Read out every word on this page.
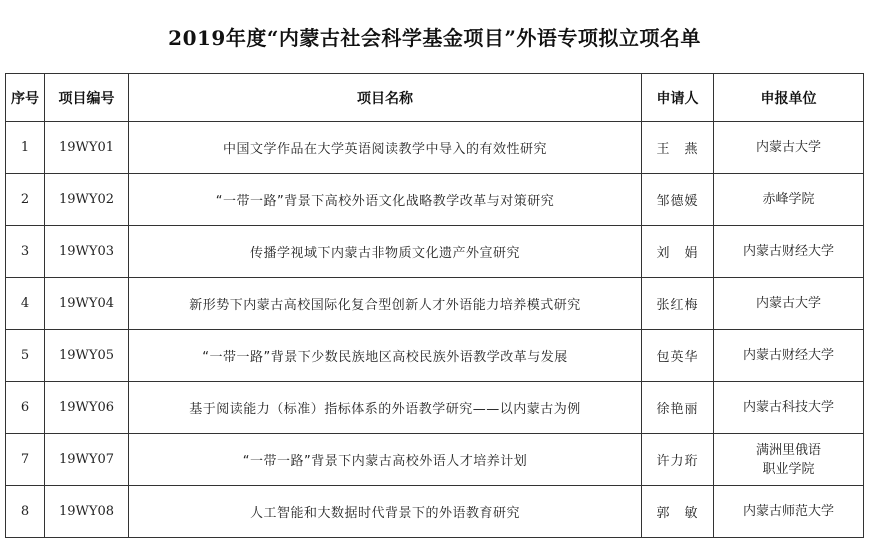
2019年度“内蒙古社会科学基金项目”外语专项拟立项名单
序号	项目编号	项目名称	申请人	申报单位
1	19WY01	中国文学作品在大学英语阅读教学中导入的有效性研究	王　燕	内蒙古大学
2	19WY02	“一带一路”背景下高校外语文化战略教学改革与对策研究	邹德媛	赤峰学院
3	19WY03	传播学视域下内蒙古非物质文化遗产外宣研究	刘　娟	内蒙古财经大学
4	19WY04	新形势下内蒙古高校国际化复合型创新人才外语能力培养模式研究	张红梅	内蒙古大学
5	19WY05	“一带一路”背景下少数民族地区高校民族外语教学改革与发展	包英华	内蒙古财经大学
6	19WY06	基于阅读能力（标准）指标体系的外语教学研究——以内蒙古为例	徐艳丽	内蒙古科技大学
7	19WY07	“一带一路”背景下内蒙古高校外语人才培养计划	许力珩	满洲里俄语
职业学院

8	19WY08	人工智能和大数据时代背景下的外语教育研究	郭　敏	内蒙古师范大学
